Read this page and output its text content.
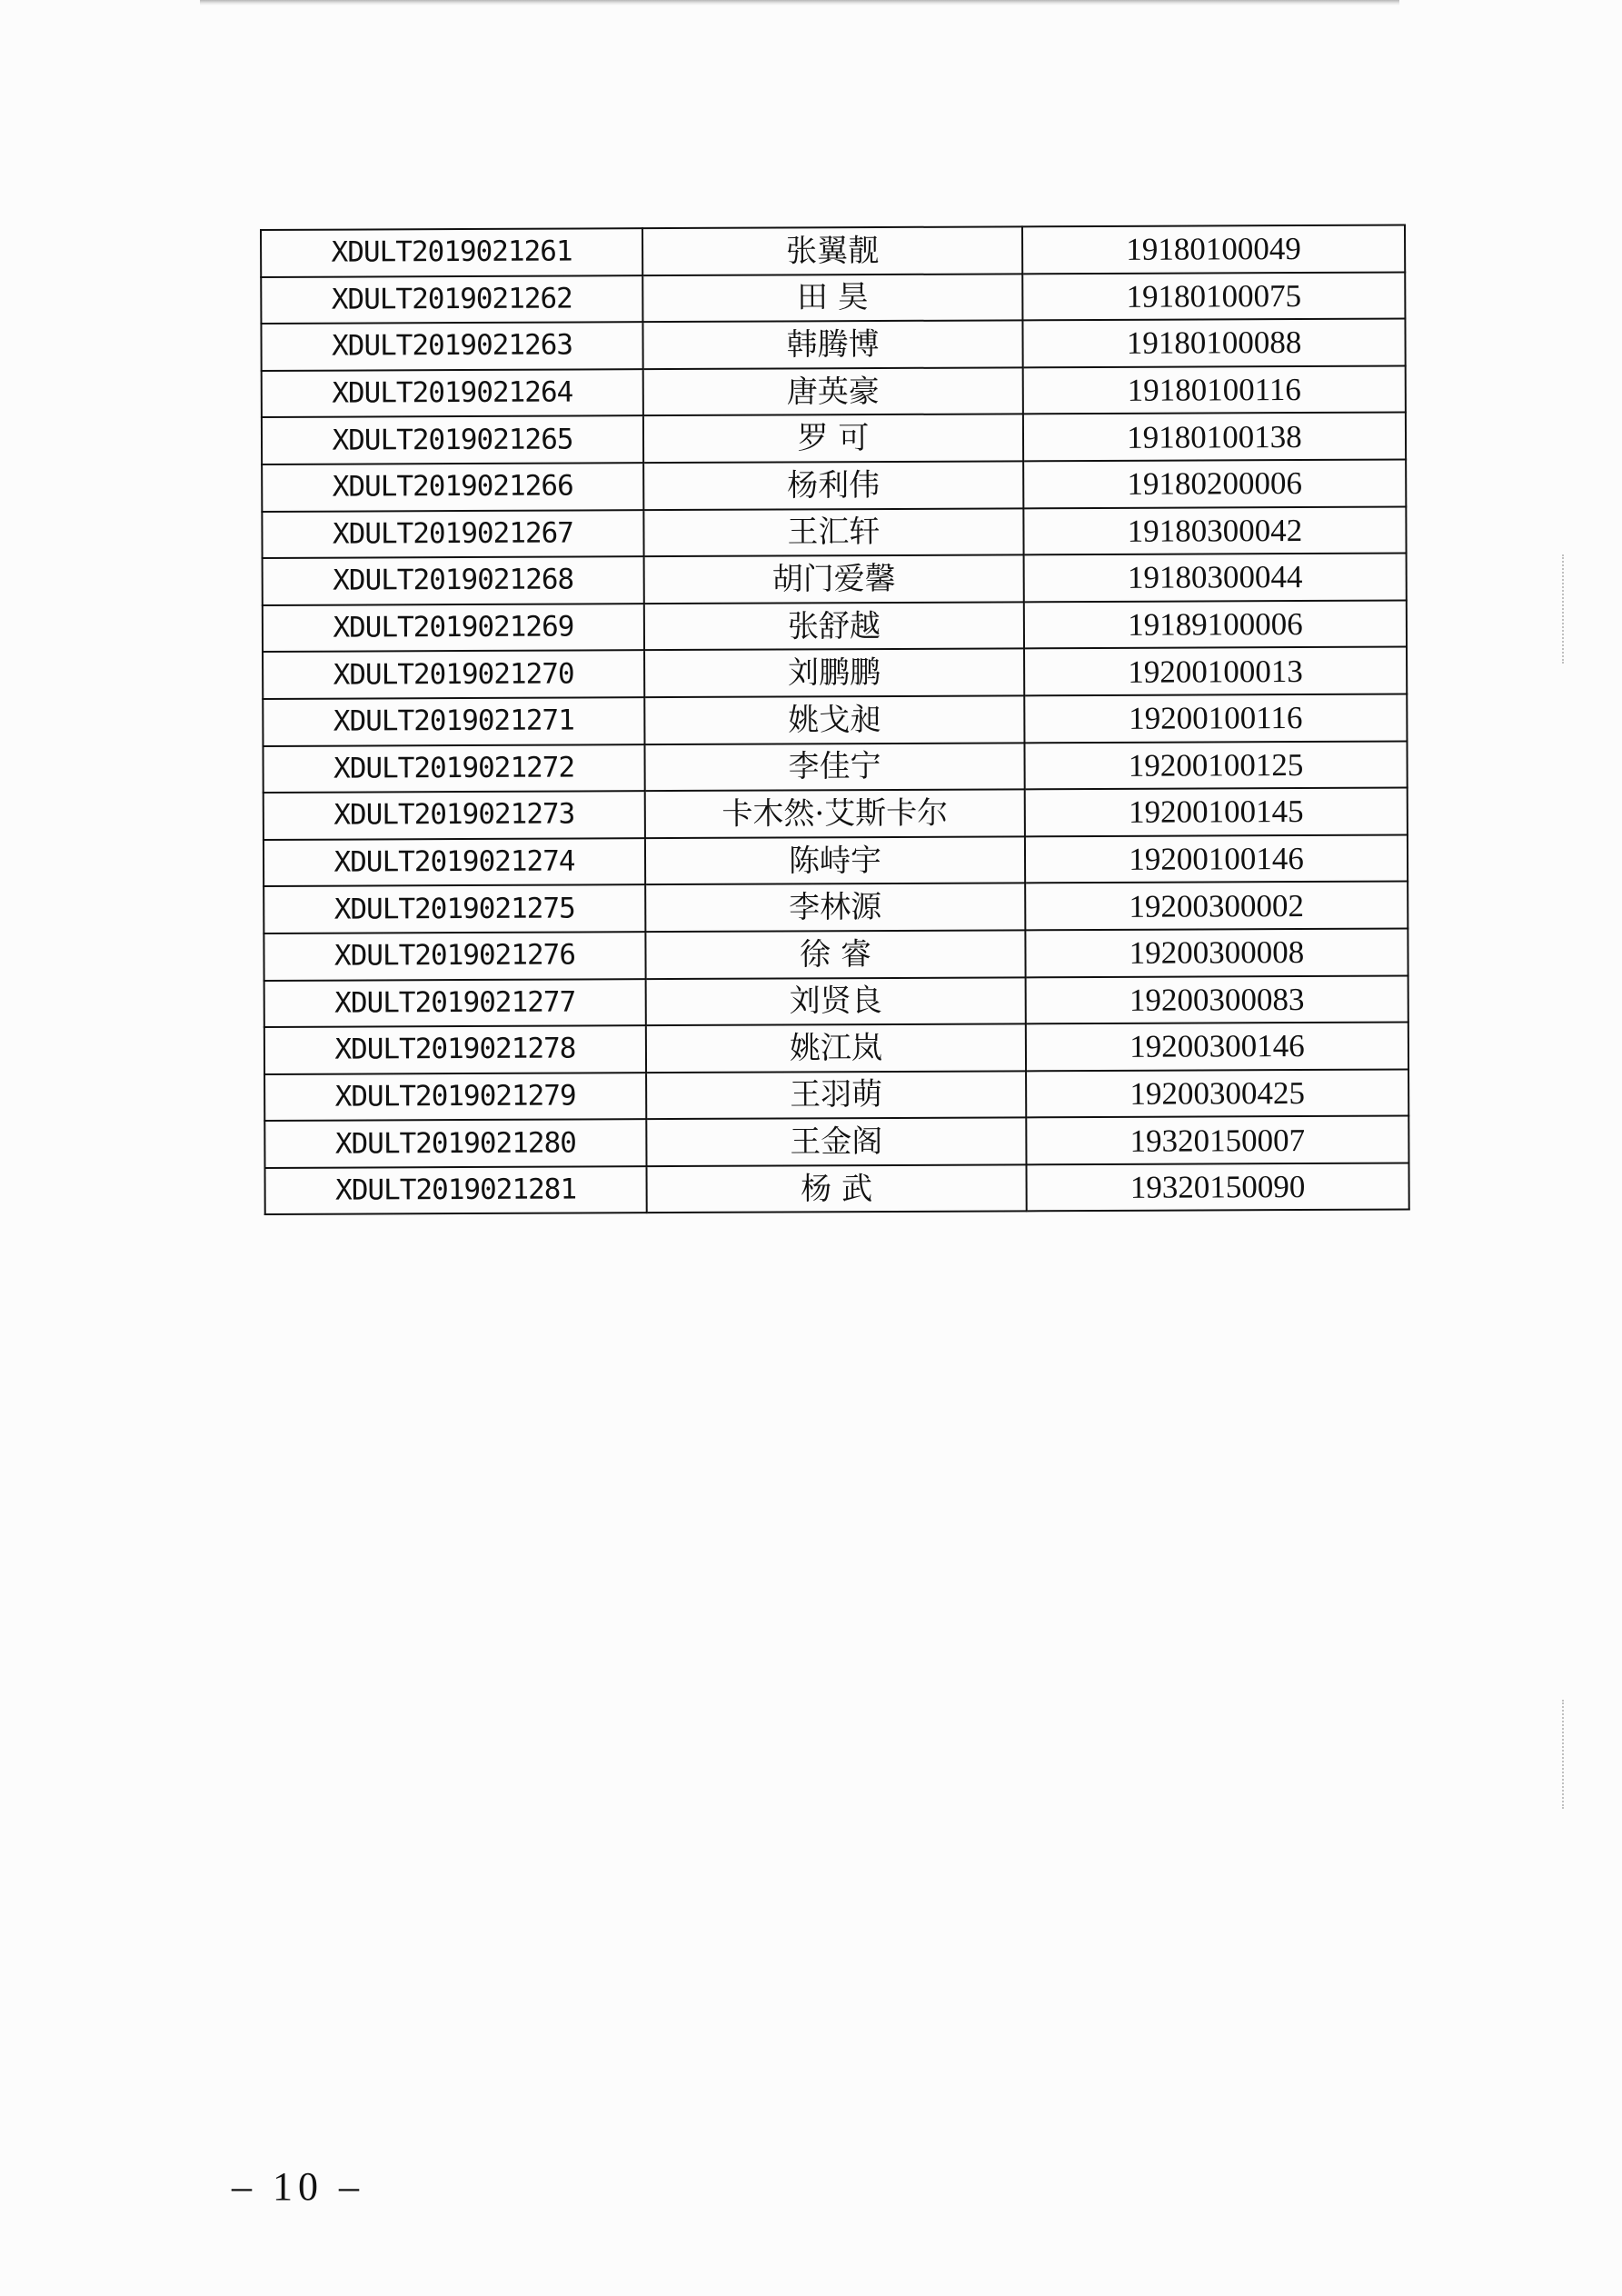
XDULT2019021261	张翼靓	19180100049
XDULT2019021262	田 昊	19180100075
XDULT2019021263	韩腾博	19180100088
XDULT2019021264	唐英豪	19180100116
XDULT2019021265	罗 可	19180100138
XDULT2019021266	杨利伟	19180200006
XDULT2019021267	王汇轩	19180300042
XDULT2019021268	胡门爱馨	19180300044
XDULT2019021269	张舒越	19189100006
XDULT2019021270	刘鹏鹏	19200100013
XDULT2019021271	姚戈昶	19200100116
XDULT2019021272	李佳宁	19200100125
XDULT2019021273	卡木然·艾斯卡尔	19200100145
XDULT2019021274	陈峙宇	19200100146
XDULT2019021275	李林源	19200300002
XDULT2019021276	徐 睿	19200300008
XDULT2019021277	刘贤良	19200300083
XDULT2019021278	姚江岚	19200300146
XDULT2019021279	王羽萌	19200300425
XDULT2019021280	王金阁	19320150007
XDULT2019021281	杨 武	19320150090
– 10 –
